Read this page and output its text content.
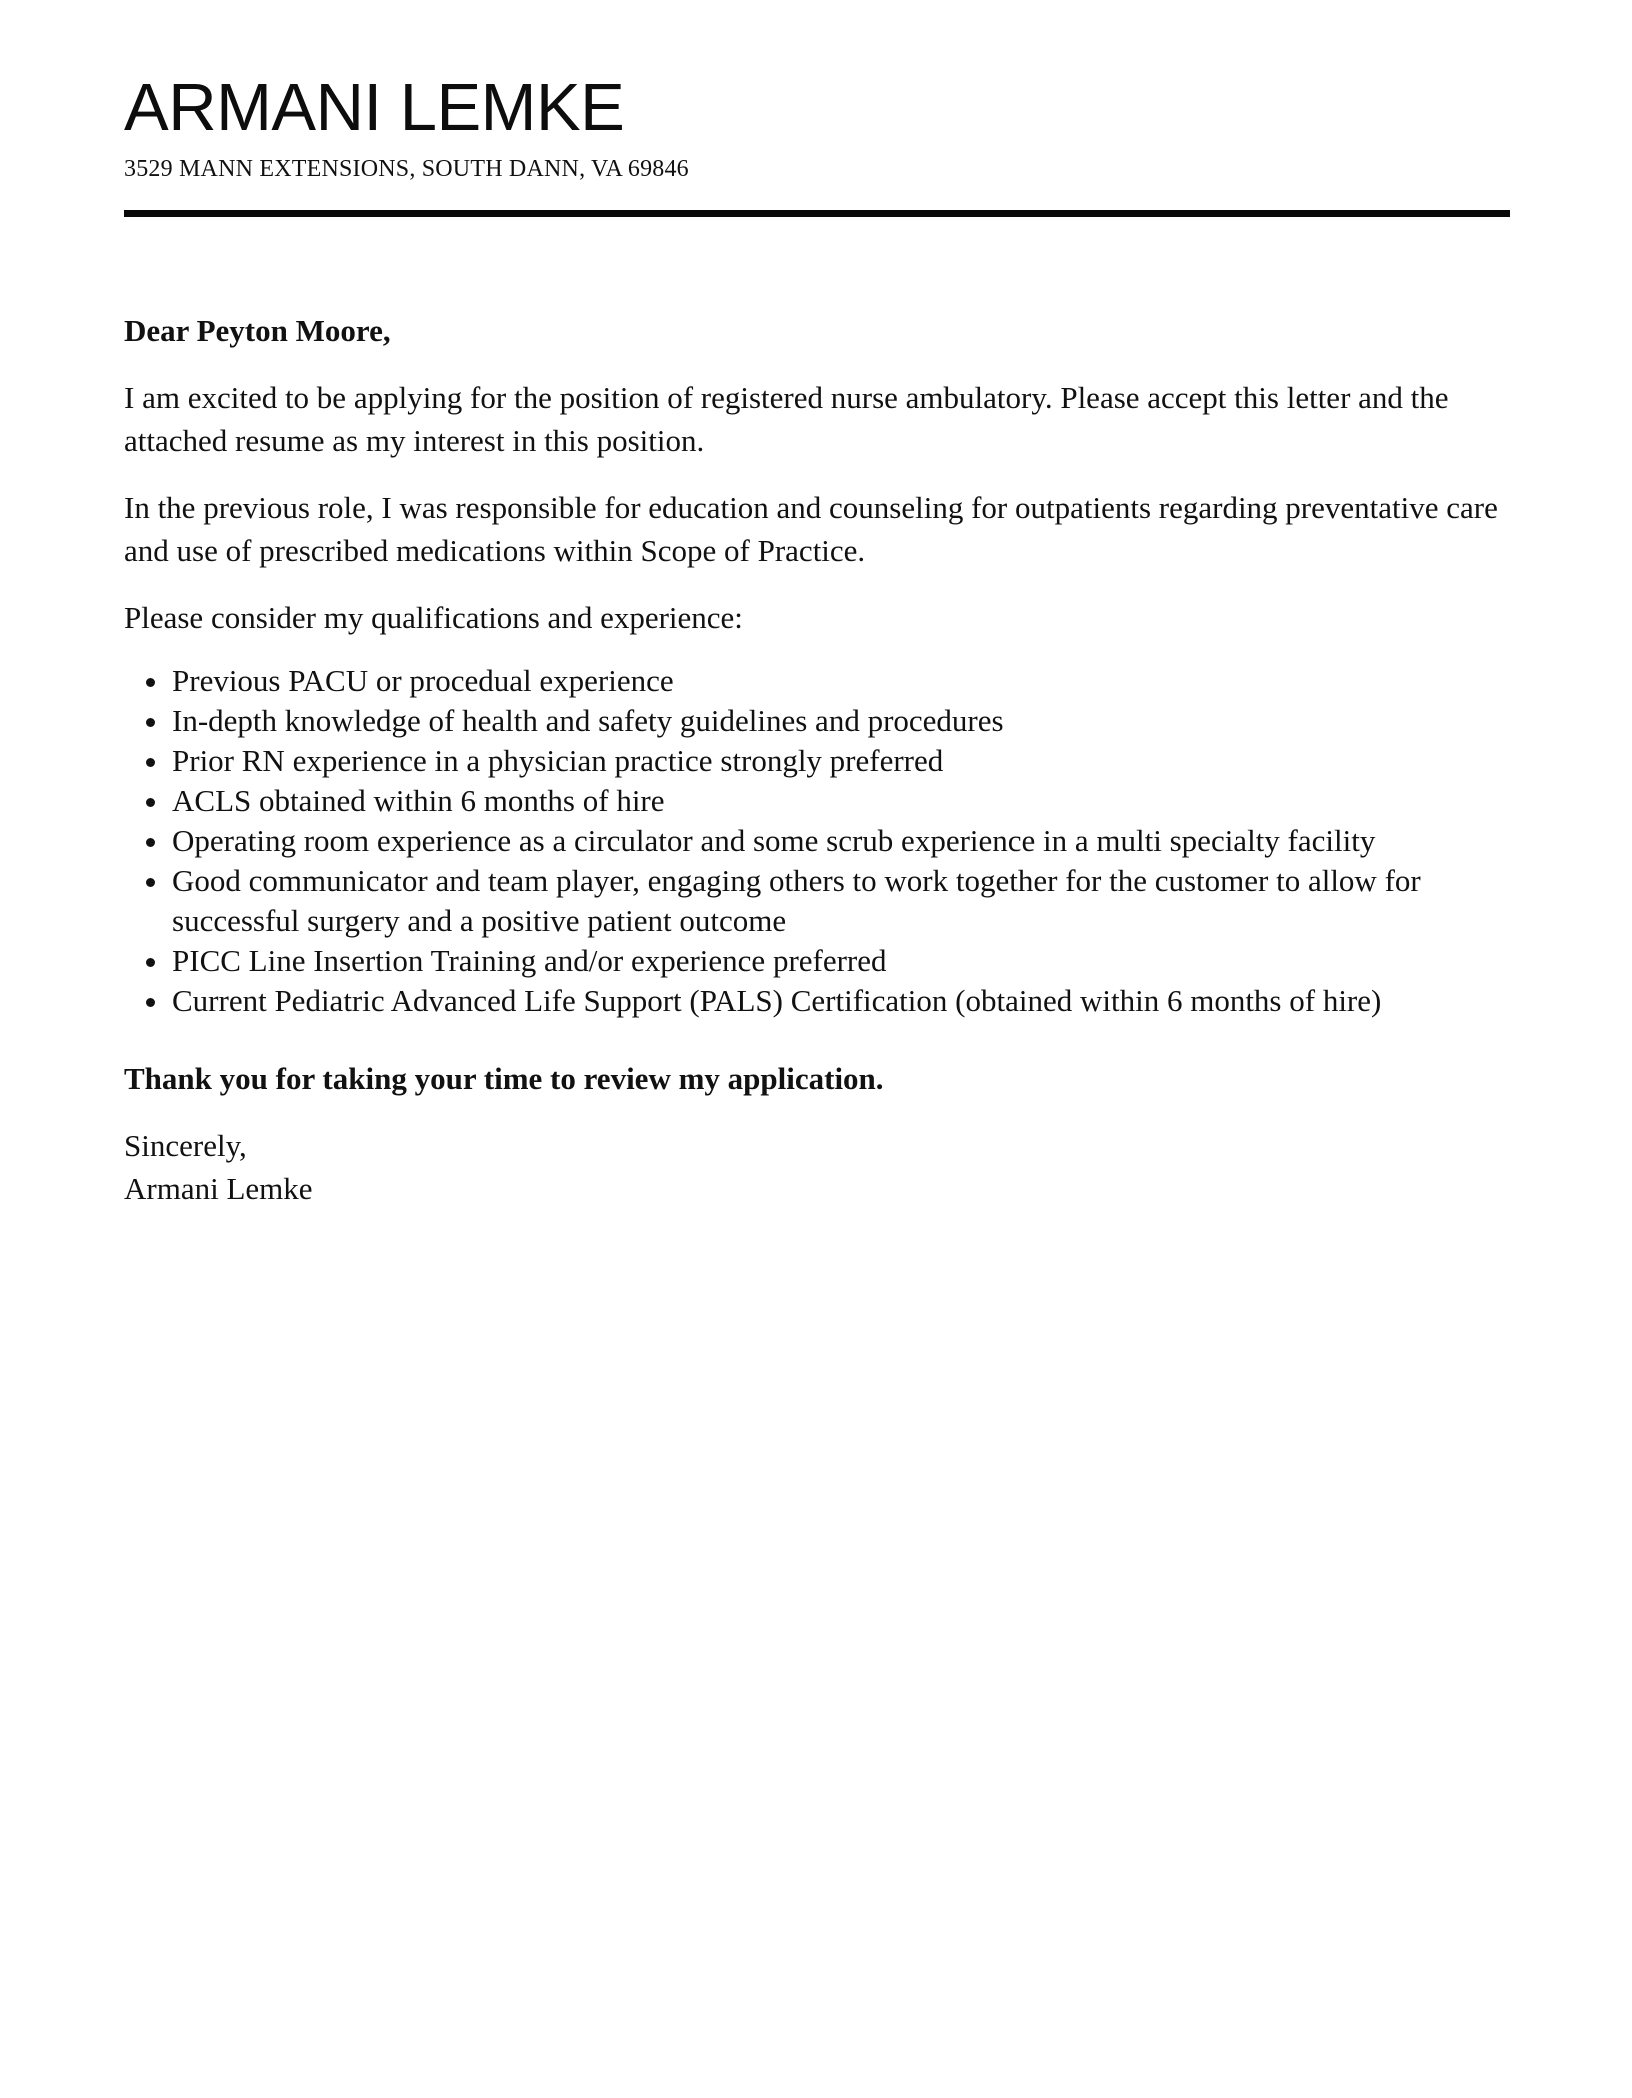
ARMANI LEMKE
3529 MANN EXTENSIONS, SOUTH DANN, VA 69846
Dear Peyton Moore,
I am excited to be applying for the position of registered nurse ambulatory. Please accept this letter and the attached resume as my interest in this position.
In the previous role, I was responsible for education and counseling for outpatients regarding preventative care and use of prescribed medications within Scope of Practice.
Please consider my qualifications and experience:
Previous PACU or procedual experience
In-depth knowledge of health and safety guidelines and procedures
Prior RN experience in a physician practice strongly preferred
ACLS obtained within 6 months of hire
Operating room experience as a circulator and some scrub experience in a multi specialty facility
Good communicator and team player, engaging others to work together for the customer to allow for successful surgery and a positive patient outcome
PICC Line Insertion Training and/or experience preferred
Current Pediatric Advanced Life Support (PALS) Certification (obtained within 6 months of hire)
Thank you for taking your time to review my application.
Sincerely,
Armani Lemke
